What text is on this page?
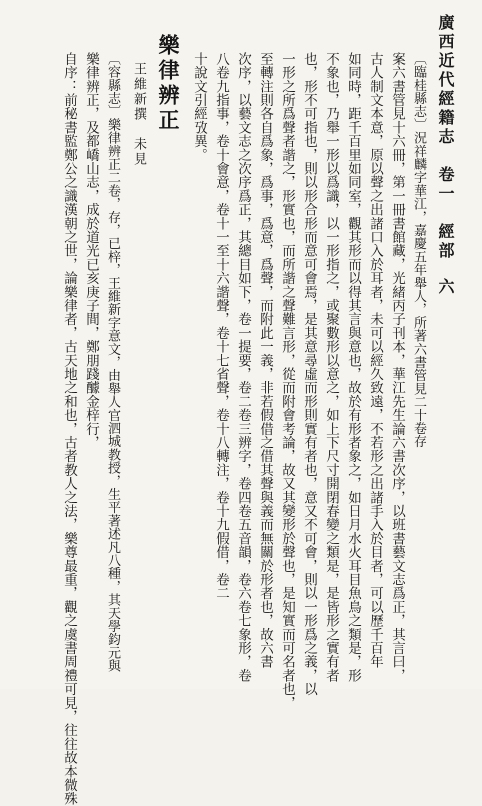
廣西近代經籍志　卷一　經部
六
〔臨桂縣志〕況祥麟字華江，嘉慶五年舉人，所著六書管見二十卷存
案六書管見十六冊，第一冊書館藏，光緒丙子刊本，華江先生論六書次序，以班書藝文志爲正，其言曰，
古人制文本意，原以聲之出諸口入於耳者，未可以經久致遠，不若形之出諸手入於目者，可以歷千百年
如同時，距千百里如同室，觀其形而以得其言與意也，故於有形者象之，如日月水火耳目魚鳥之類是，形
不象也，乃舉一形以爲識，以一形指之，或聚數形以意之，如上下尺寸開閉春變之類是，是皆形之實有者
也，形不可指也，則以形合形而意可會焉，是其意尋虛而形則實有者也，意又不可會，則以一形爲之義，以
一形之所爲聲者諧之，形實也，而所諧之聲難言形，從而附會考論，故又其變形於聲也，是知實而可名者也，
至轉注則各自爲象，爲事，爲意，爲聲，而附此一義，非若假借之借其聲與義而無關於形者也，故六書
次序，以藝文志之次序爲正，其總目如下，卷一提要，卷二卷三辨字，卷四卷五音韻，卷六卷七象形，卷
八卷九指事，卷十會意，卷十一至十六諧聲，卷十七省聲，卷十八轉注，卷十九假借，卷二
十說文引經攷異。
樂律辨正
王維新撰　未見
〔容縣志〕樂律辨正二卷，存，已梓，王維新字意文，由舉人官泗城教授，生平著述凡八種，其天學鈞元與
樂律辨正，及都嶠山志，成於道光已亥庚子間，鄭朋踐醵金梓行，
自序：前秘書監鄭公之識漢朝之世，論樂律者，古天地之和也，古者教人之法，樂尊最重，觀之虞書周禮可見，往往故本微殊
